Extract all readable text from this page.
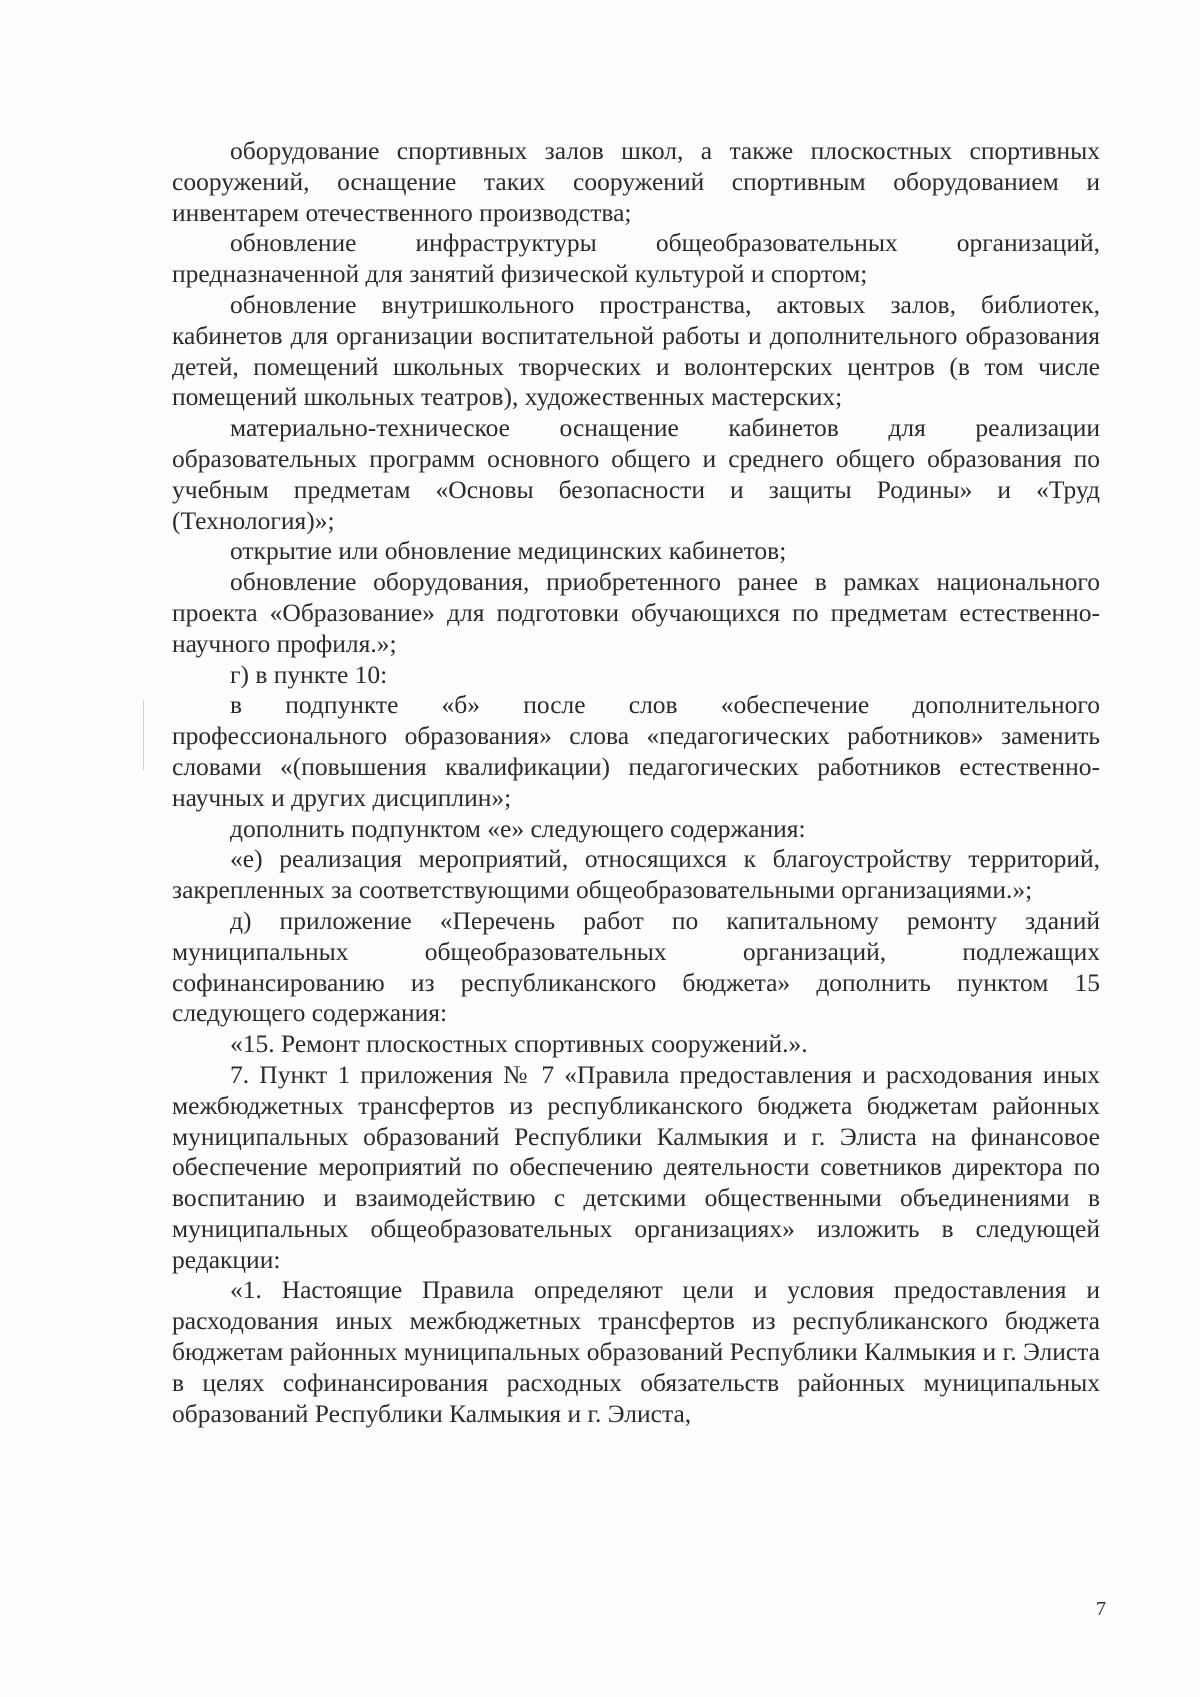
оборудование спортивных залов школ, а также плоскостных спортивных сооружений, оснащение таких сооружений спортивным оборудованием и инвентарем отечественного производства;

обновление инфраструктуры общеобразовательных организаций, предназначенной для занятий физической культурой и спортом;

обновление внутришкольного пространства, актовых залов, библиотек, кабинетов для организации воспитательной работы и дополнительного образования детей, помещений школьных творческих и волонтерских центров (в том числе помещений школьных театров), художественных мастерских;

материально-техническое оснащение кабинетов для реализации образовательных программ основного общего и среднего общего образования по учебным предметам «Основы безопасности и защиты Родины» и «Труд (Технология)»;

открытие или обновление медицинских кабинетов;

обновление оборудования, приобретенного ранее в рамках национального проекта «Образование» для подготовки обучающихся по предметам естественно-научного профиля.»;

г) в пункте 10:

в подпункте «б» после слов «обеспечение дополнительного профессионального образования» слова «педагогических работников» заменить словами «(повышения квалификации) педагогических работников естественно-научных и других дисциплин»;

дополнить подпунктом «е» следующего содержания:

«е) реализация мероприятий, относящихся к благоустройству территорий, закрепленных за соответствующими общеобразовательными организациями.»;

д) приложение «Перечень работ по капитальному ремонту зданий муниципальных общеобразовательных организаций, подлежащих софинансированию из республиканского бюджета» дополнить пунктом 15 следующего содержания:

«15. Ремонт плоскостных спортивных сооружений.».

7. Пункт 1 приложения № 7 «Правила предоставления и расходования иных межбюджетных трансфертов из республиканского бюджета бюджетам районных муниципальных образований Республики Калмыкия и г. Элиста на финансовое обеспечение мероприятий по обеспечению деятельности советников директора по воспитанию и взаимодействию с детскими общественными объединениями в муниципальных общеобразовательных организациях» изложить в следующей редакции:

«1. Настоящие Правила определяют цели и условия предоставления и расходования иных межбюджетных трансфертов из республиканского бюджета бюджетам районных муниципальных образований Республики Калмыкия и г. Элиста в целях софинансирования расходных обязательств районных муниципальных образований Республики Калмыкия и г. Элиста,

7
